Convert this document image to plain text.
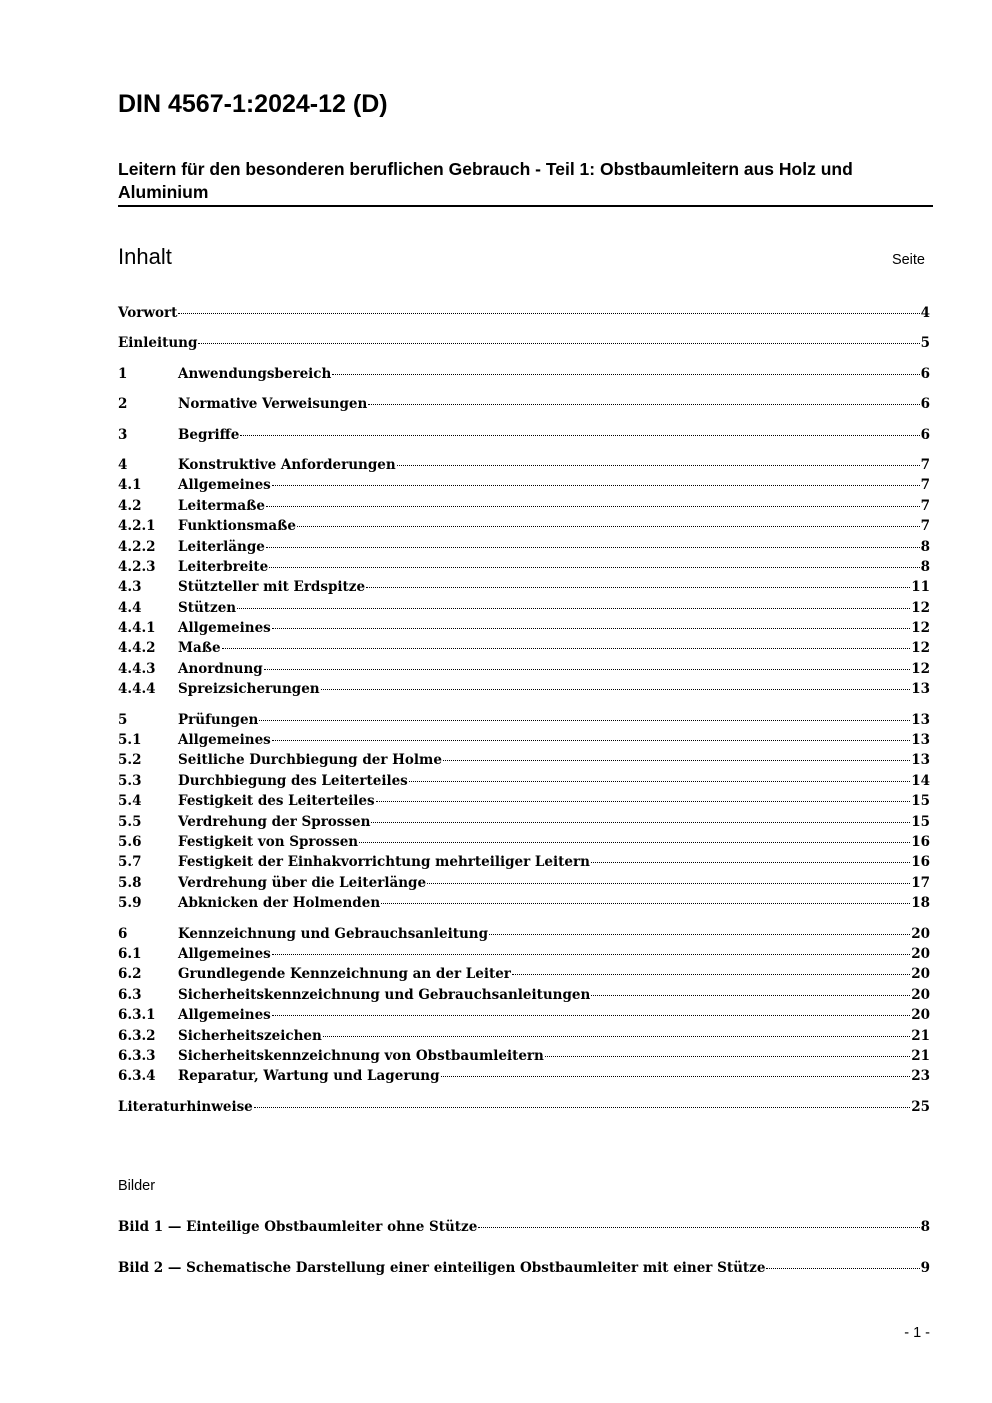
DIN 4567-1:2024-12 (D)
Leitern für den besonderen beruflichen Gebrauch - Teil 1: Obstbaumleitern aus Holz und Aluminium
Inhalt	Seite
Vorwort	4
Einleitung	5
1	Anwendungsbereich	6
2	Normative Verweisungen	6
3	Begriffe	6
4	Konstruktive Anforderungen	7
4.1	Allgemeines	7
4.2	Leitermaße	7
4.2.1	Funktionsmaße	7
4.2.2	Leiterlänge	8
4.2.3	Leiterbreite	8
4.3	Stützteller mit Erdspitze	11
4.4	Stützen	12
4.4.1	Allgemeines	12
4.4.2	Maße	12
4.4.3	Anordnung	12
4.4.4	Spreizsicherungen	13
5	Prüfungen	13
5.1	Allgemeines	13
5.2	Seitliche Durchbiegung der Holme	13
5.3	Durchbiegung des Leiterteiles	14
5.4	Festigkeit des Leiterteiles	15
5.5	Verdrehung der Sprossen	15
5.6	Festigkeit von Sprossen	16
5.7	Festigkeit der Einhakvorrichtung mehrteiliger Leitern	16
5.8	Verdrehung über die Leiterlänge	17
5.9	Abknicken der Holmenden	18
6	Kennzeichnung und Gebrauchsanleitung	20
6.1	Allgemeines	20
6.2	Grundlegende Kennzeichnung an der Leiter	20
6.3	Sicherheitskennzeichnung und Gebrauchsanleitungen	20
6.3.1	Allgemeines	20
6.3.2	Sicherheitszeichen	21
6.3.3	Sicherheitskennzeichnung von Obstbaumleitern	21
6.3.4	Reparatur, Wartung und Lagerung	23
Literaturhinweise	25
Bilder
Bild 1 — Einteilige Obstbaumleiter ohne Stütze	8
Bild 2 — Schematische Darstellung einer einteiligen Obstbaumleiter mit einer Stütze	9
- 1 -
